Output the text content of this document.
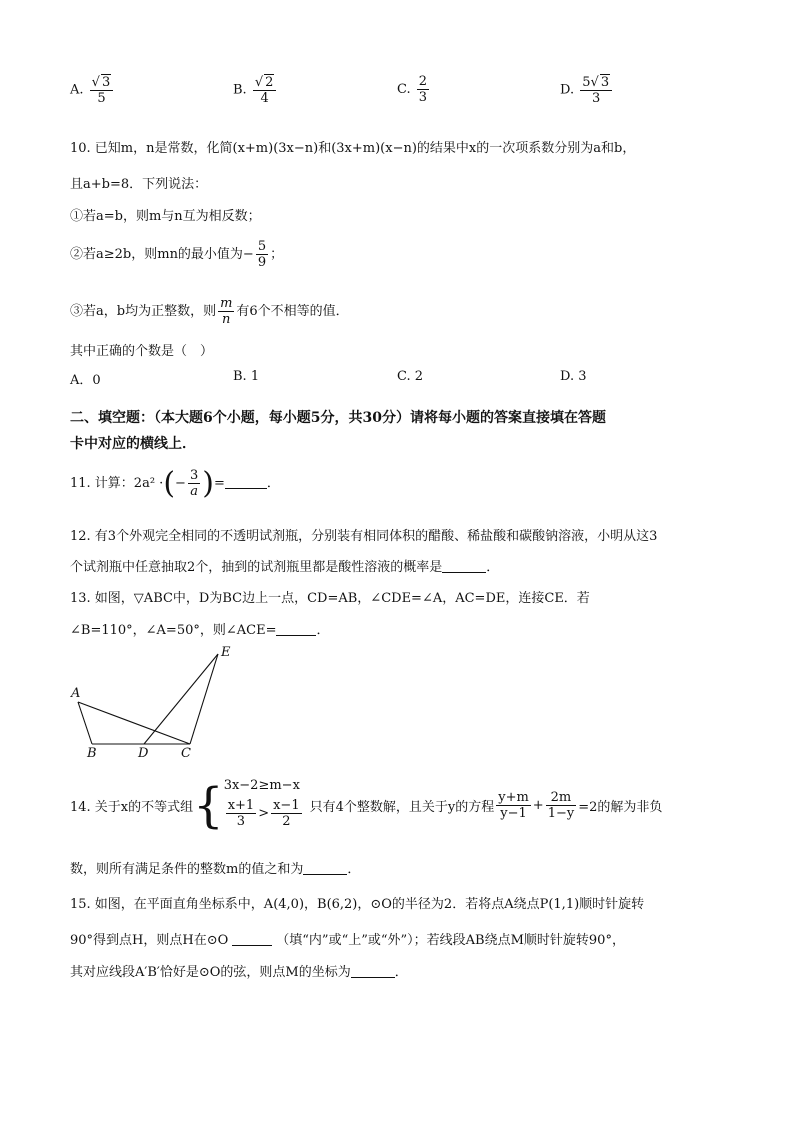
A. $\frac{√ 3}{5}$	B. $\frac{√ 2}{4}$	C. $\frac{2}{3}$	D. $\frac{5√ 3}{3}$
10. 已知m，n是常数，化简(x+m)(3x−n)和(3x+m)(x−n)的结果中x的一次项系数分别为a和b，
且a+b=8．下列说法：
①若a=b，则m与n互为相反数；
②若a≥2b，则mn的最小值为− $\frac{5}{9}$ ；
③若a，b均为正整数，则 $\frac{m}{n}$ 有6个不相等的值．
其中正确的个数是（　）
A．0	B. 1	C. 2	D. 3
二、填空题：（本大题6个小题，每小题5分，共30分）请将每小题的答案直接填在答题
卡中对应的横线上．
11. 计算：2a² ·(− $\frac{3}{a}$ )=	．
12. 有3个外观完全相同的不透明试剂瓶，分别装有相同体积的醋酸、稀盐酸和碳酸钠溶液，小明从这3
个试剂瓶中任意抽取2个，抽到的试剂瓶里都是酸性溶液的概率是	．
13. 如图，▽ABC中，D为BC边上一点，CD=AB，∠CDE=∠A，AC=DE，连接CE．若
∠B=110°，∠A=50°，则∠ACE=	．
A
B	D	C
E
14. 关于x的不等式组{ 3x−2≥m−x
$\frac{x+1}{3} > \frac{x-1}{2}$ 只有4个整数解，且关于y的方程 $\frac{y+m}{y-1} + \frac{2m}{1-y} =2$的解为非负
数，则所有满足条件的整数m的值之和为	．
15. 如图，在平面直角坐标系中，A(4,0)，B(6,2)，⊙O的半径为2．若将点A绕点P(1,1)顺时针旋转
90°得到点H，则点H在⊙O	（填“内”或“上”或“外”）；若线段AB绕点M顺时针旋转90°，
其对应线段A′B′恰好是⊙O的弦，则点M的坐标为	．
